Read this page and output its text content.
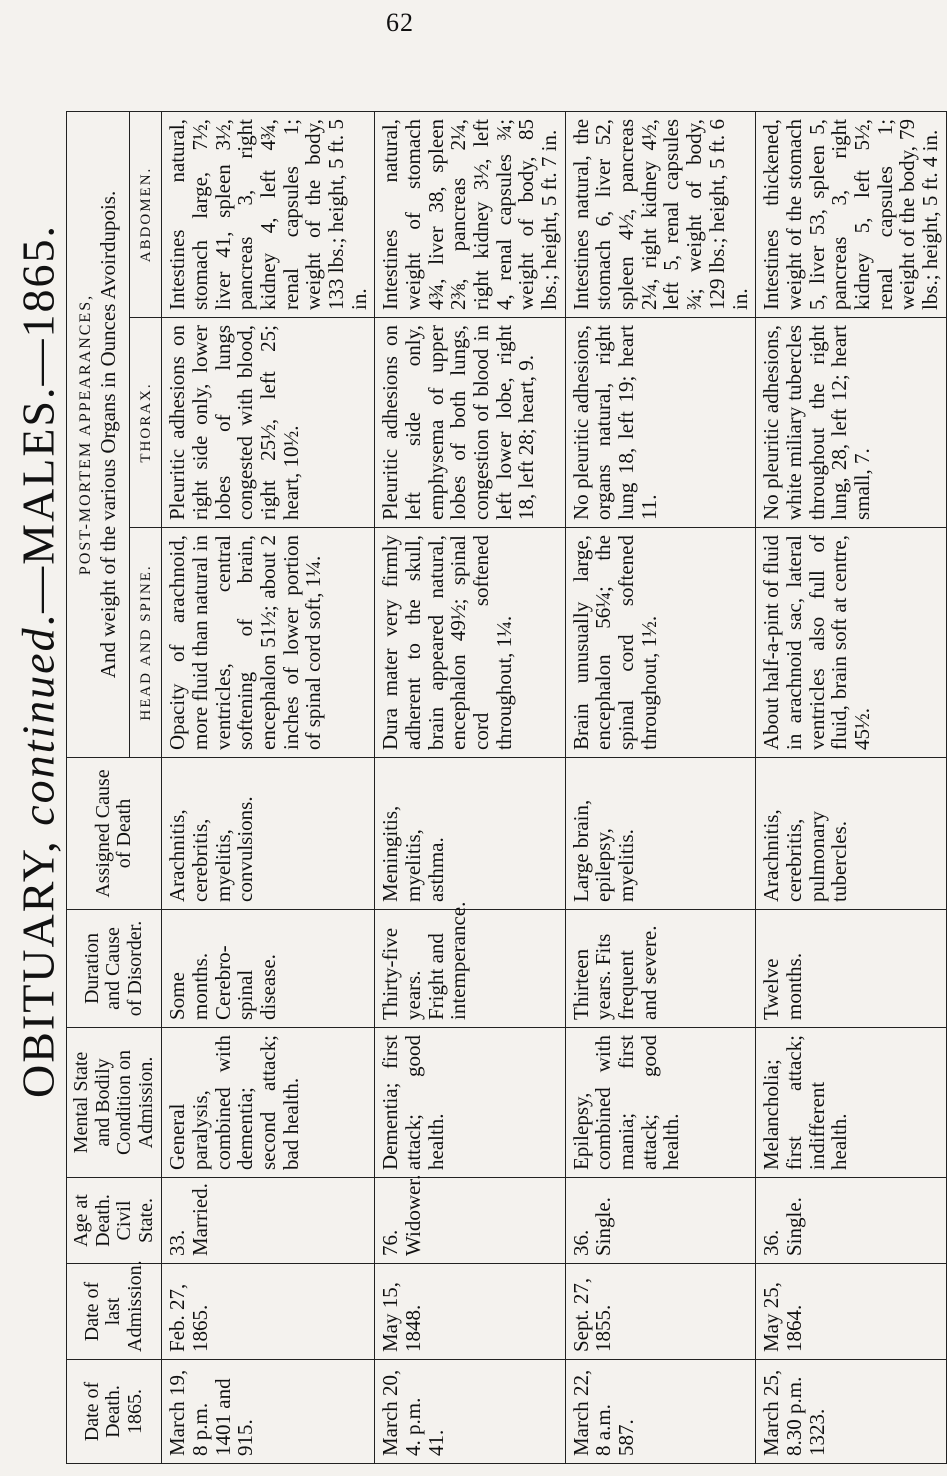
62
OBITUARY, continued.—MALES.—1865.
Date of Death. 1865.	Date of last Admission.	Age at Death. Civil State.	Mental State and Bodily Condition on Admission.	Duration and Cause of Disorder.	Assigned Cause of Death	POST-MORTEM APPEARANCES, And weight of the various Organs in Ounces Avoirdupois.		

						HEAD AND SPINE.	THORAX.	ABDOMEN.
March 19, 8 p.m. 1401 and 915.	Feb. 27, 1865.	33. Married.	General paralysis, combined with dementia; second attack; bad health.	Some months. Cerebro-spinal disease.	Arachnitis, cerebritis, myelitis, convulsions.	Opacity of arachnoid, more fluid than natural in ventricles, central softening of brain, encephalon 51½; about 2 inches of lower portion of spinal cord soft, 1¼.	Pleuritic adhesions on right side only, lower lobes of lungs congested with blood, right 25½, left 25; heart, 10½.	Intestines natural, stomach large, 7½, liver 41, spleen 3½, pancreas 3, right kidney 4, left 4¾, renal capsules 1; weight of the body, 133 lbs.; height, 5 ft. 5 in.
March 20, 4. p.m. 41.	May 15, 1848.	76. Widower.	Dementia; first attack; good health.	Thirty-five years. Fright and intemperance.	Meningitis, myelitis, asthma.	Dura mater very firmly adherent to the skull, brain appeared natural, encephalon 49½; spinal cord softened throughout, 1¼.	Pleuritic adhesions on left side only, emphysema of upper lobes of both lungs, congestion of blood in left lower lobe, right 18, left 28; heart, 9.	Intestines natural, weight of stomach 4¾, liver 38, spleen 2⅜, pancreas 2¼, right kidney 3½, left 4, renal capsules ¾; weight of body, 85 lbs.; height, 5 ft. 7 in.
March 22, 8 a.m. 587.	Sept. 27, 1855.	36. Single.	Epilepsy, combined with mania; first attack; good health.	Thirteen years. Fits frequent and severe.	Large brain, epilepsy, myelitis.	Brain unusually large, encephalon 56¼; the spinal cord softened throughout, 1½.	No pleuritic adhesions, organs natural, right lung 18, left 19; heart 11.	Intestines natural, the stomach 6, liver 52, spleen 4½, pancreas 2¼, right kidney 4½, left 5, renal capsules ¾; weight of body, 129 lbs.; height, 5 ft. 6 in.
March 25, 8.30 p.m. 1323.	May 25, 1864.	36. Single.	Melancholia; first attack; indifferent health.	Twelve months.	Arachnitis, cerebritis, pulmonary tubercles.	About half-a-pint of fluid in arachnoid sac, lateral ventricles also full of fluid, brain soft at centre, 45½.	No pleuritic adhesions, white miliary tubercles throughout the right lung, 28, left 12; heart small, 7.	Intestines thickened, weight of the stomach 5, liver 53, spleen 5, pancreas 3, right kidney 5, left 5½, renal capsules 1; weight of the body, 79 lbs.; height, 5 ft. 4 in.
